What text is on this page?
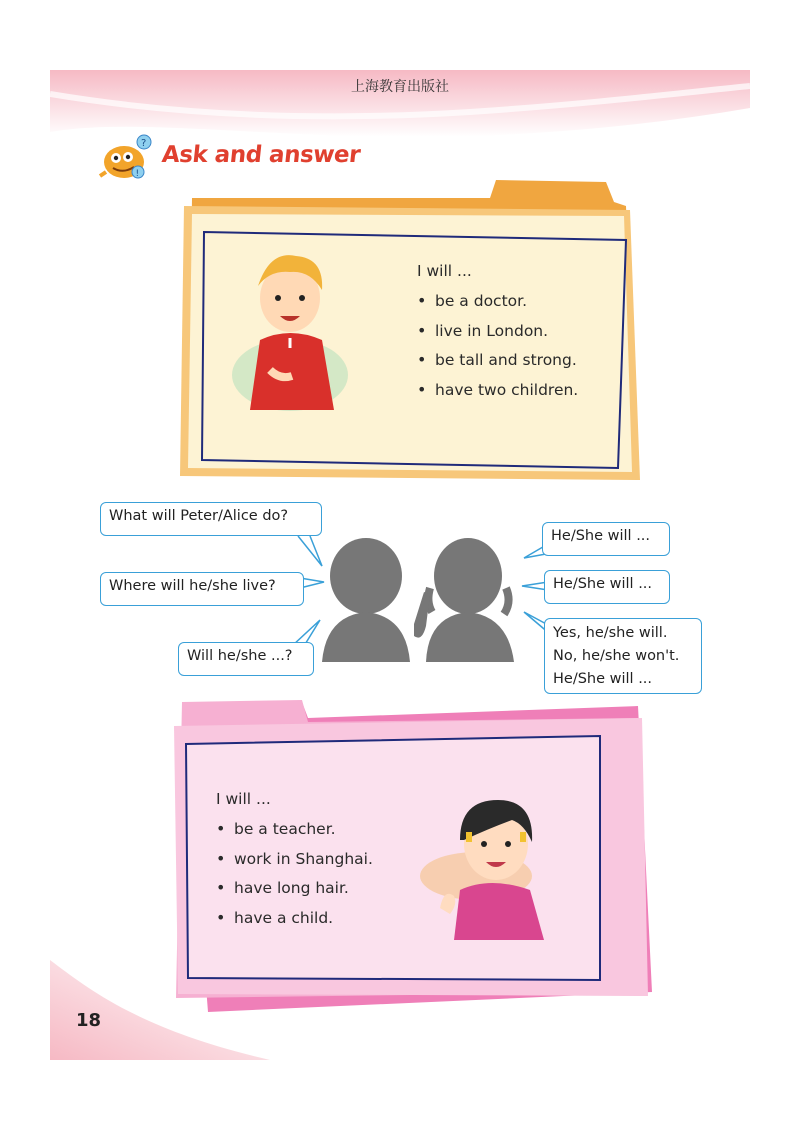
上海教育出版社
?
!
Ask and answer
I will ...
• be a doctor.
• live in London.
• be tall and strong.
• have two children.
What will Peter/Alice do?
Where will he/she live?
Will he/she ...?
He/She will ...
He/She will ...
Yes, he/she will.
No, he/she won't.
He/She will ...
I will ...
• be a teacher.
• work in Shanghai.
• have long hair.
• have a child.
18
